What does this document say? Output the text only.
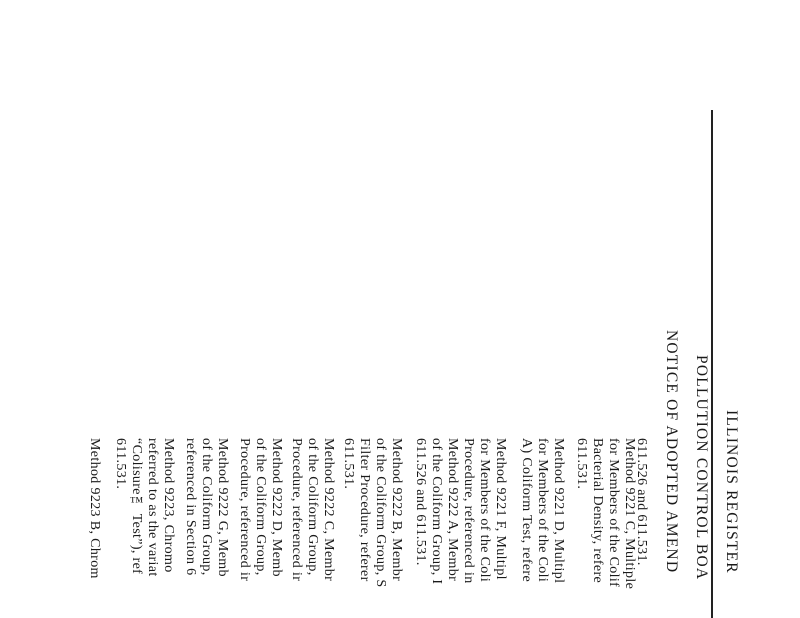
ILLINOIS REGISTER
POLLUTION CONTROL BOA
NOTICE OF ADOPTED AMEND
611.526 and 611.531.
Method 9221 C, Multiple
for Members of the Colif
Bacterial Density, refere
611.531.
Method 9221 D, Multipl
for Members of the Coli
A) Coliform Test, refere
Method 9221 F, Multipl
for Members of the Coli
Procedure, referenced in
Method 9222 A, Membr
of the Coliform Group, I
611.526 and 611.531.
Method 9222 B, Membr
of the Coliform Group, S
Filter Procedure, referer
611.531.
Method 9222 C, Membr
of the Coliform Group,
Procedure, referenced ir
Method 9222 D, Memb
of the Coliform Group,
Procedure, referenced ir
Method 9222 G, Memb
of the Coliform Group,
referenced in Section 6
Method 9223, Chromo
referred to as the variat
“Colisure™ Test”), ref
611.531.
Method 9223 B, Chrom
